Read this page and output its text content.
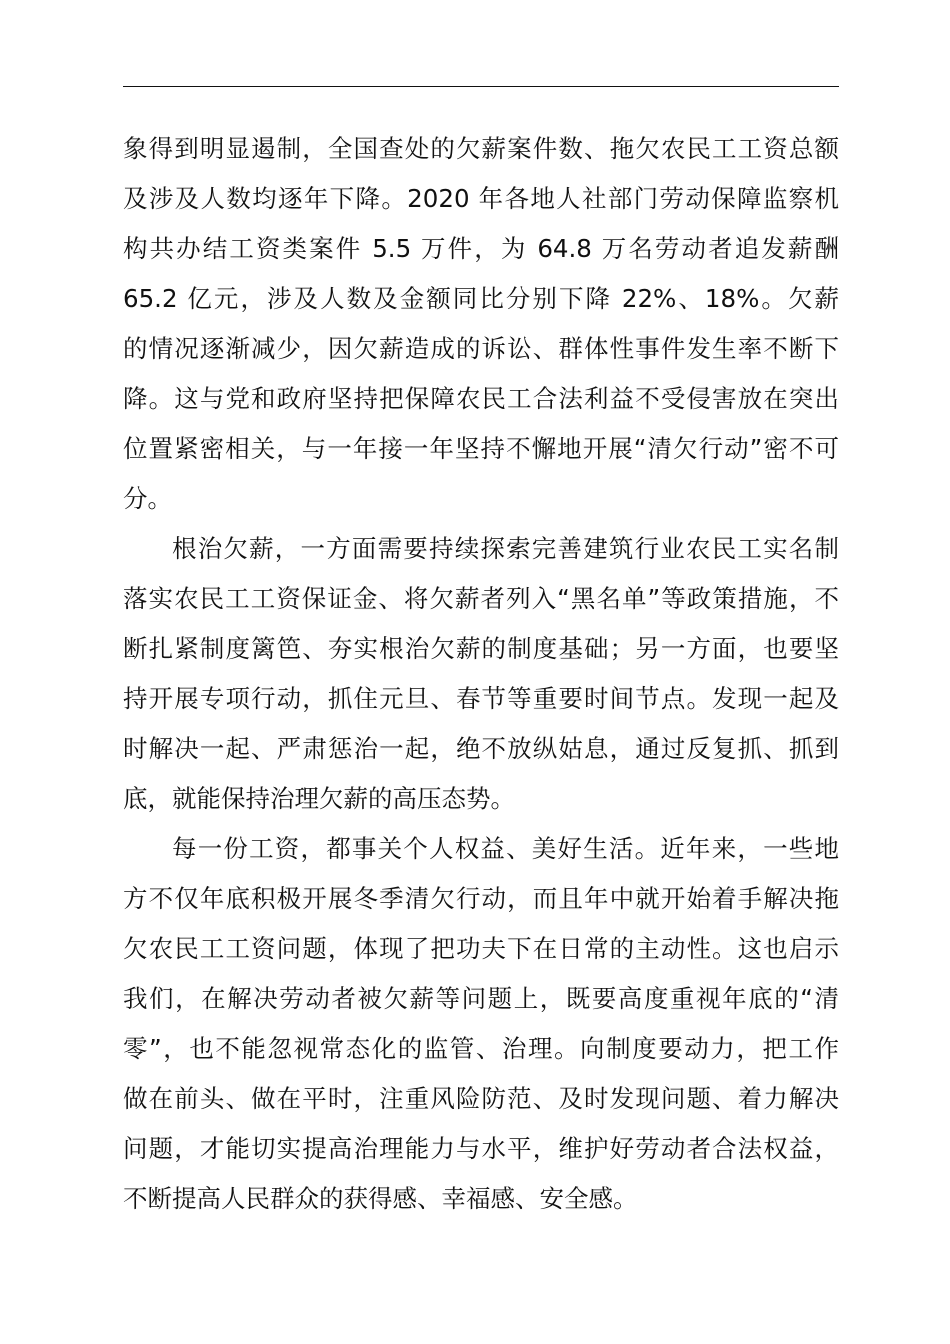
象得到明显遏制，全国查处的欠薪案件数、拖欠农民工工资总额
及涉及人数均逐年下降。2020 年各地人社部门劳动保障监察机
构共办结工资类案件 5.5 万件，为 64.8 万名劳动者追发薪酬
65.2 亿元，涉及人数及金额同比分别下降 22%、18%。欠薪
的情况逐渐减少，因欠薪造成的诉讼、群体性事件发生率不断下
降。这与党和政府坚持把保障农民工合法利益不受侵害放在突出
位置紧密相关，与一年接一年坚持不懈地开展“清欠行动”密不可
分。
根治欠薪，一方面需要持续探索完善建筑行业农民工实名制
落实农民工工资保证金、将欠薪者列入“黑名单”等政策措施，不
断扎紧制度篱笆、夯实根治欠薪的制度基础；另一方面，也要坚
持开展专项行动，抓住元旦、春节等重要时间节点。发现一起及
时解决一起、严肃惩治一起，绝不放纵姑息，通过反复抓、抓到
底，就能保持治理欠薪的高压态势。
每一份工资，都事关个人权益、美好生活。近年来，一些地
方不仅年底积极开展冬季清欠行动，而且年中就开始着手解决拖
欠农民工工资问题，体现了把功夫下在日常的主动性。这也启示
我们，在解决劳动者被欠薪等问题上，既要高度重视年底的“清
零”，也不能忽视常态化的监管、治理。向制度要动力，把工作
做在前头、做在平时，注重风险防范、及时发现问题、着力解决
问题，才能切实提高治理能力与水平，维护好劳动者合法权益，
不断提高人民群众的获得感、幸福感、安全感。
